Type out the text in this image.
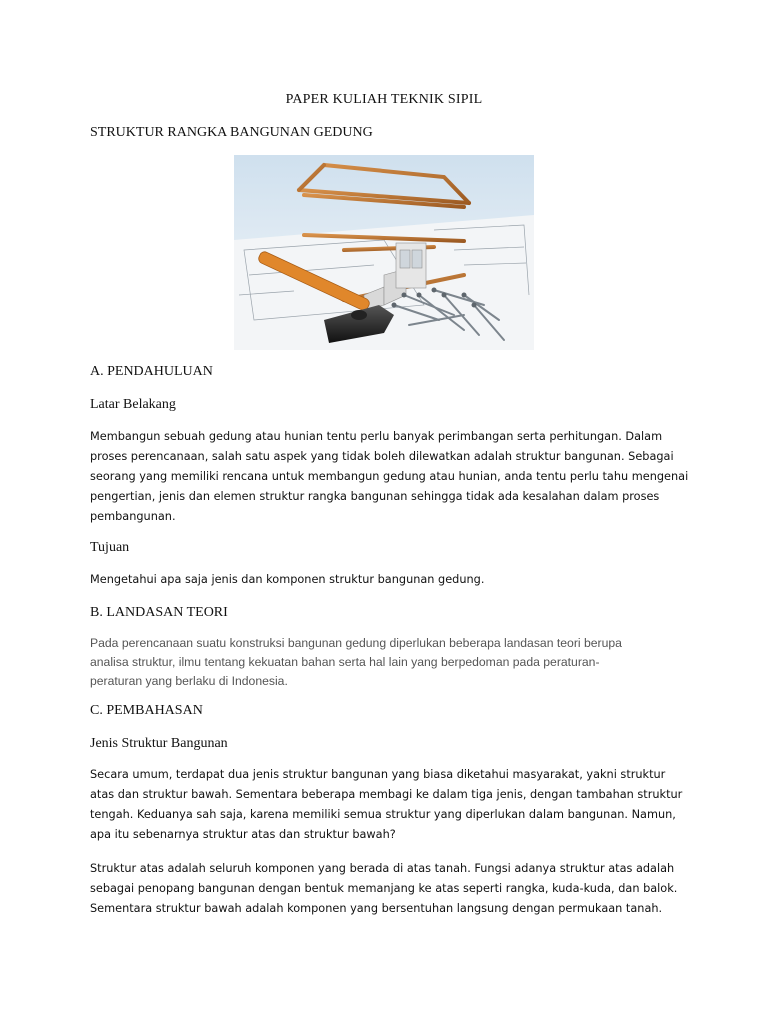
PAPER KULIAH TEKNIK SIPIL

STRUKTUR RANGKA BANGUNAN GEDUNG

A. PENDAHULUAN

Latar Belakang

Membangun sebuah gedung atau hunian tentu perlu banyak perimbangan serta perhitungan. Dalam
proses perencanaan, salah satu aspek yang tidak boleh dilewatkan adalah struktur bangunan. Sebagai
seorang yang memiliki rencana untuk membangun gedung atau hunian, anda tentu perlu tahu mengenai
pengertian, jenis dan elemen struktur rangka bangunan sehingga tidak ada kesalahan dalam proses
pembangunan.

Tujuan

Mengetahui apa saja jenis dan komponen struktur bangunan gedung.

B. LANDASAN TEORI

Pada perencanaan suatu konstruksi bangunan gedung diperlukan beberapa landasan teori berupa
analisa struktur, ilmu tentang kekuatan bahan serta hal lain yang berpedoman pada peraturan-
peraturan yang berlaku di Indonesia.

C. PEMBAHASAN

Jenis Struktur Bangunan

Secara umum, terdapat dua jenis struktur bangunan yang biasa diketahui masyarakat, yakni struktur
atas dan struktur bawah. Sementara beberapa membagi ke dalam tiga jenis, dengan tambahan struktur
tengah. Keduanya sah saja, karena memiliki semua struktur yang diperlukan dalam bangunan. Namun,
apa itu sebenarnya struktur atas dan struktur bawah?
Struktur atas adalah seluruh komponen yang berada di atas tanah. Fungsi adanya struktur atas adalah
sebagai penopang bangunan dengan bentuk memanjang ke atas seperti rangka, kuda-kuda, dan balok.
Sementara struktur bawah adalah komponen yang bersentuhan langsung dengan permukaan tanah.
